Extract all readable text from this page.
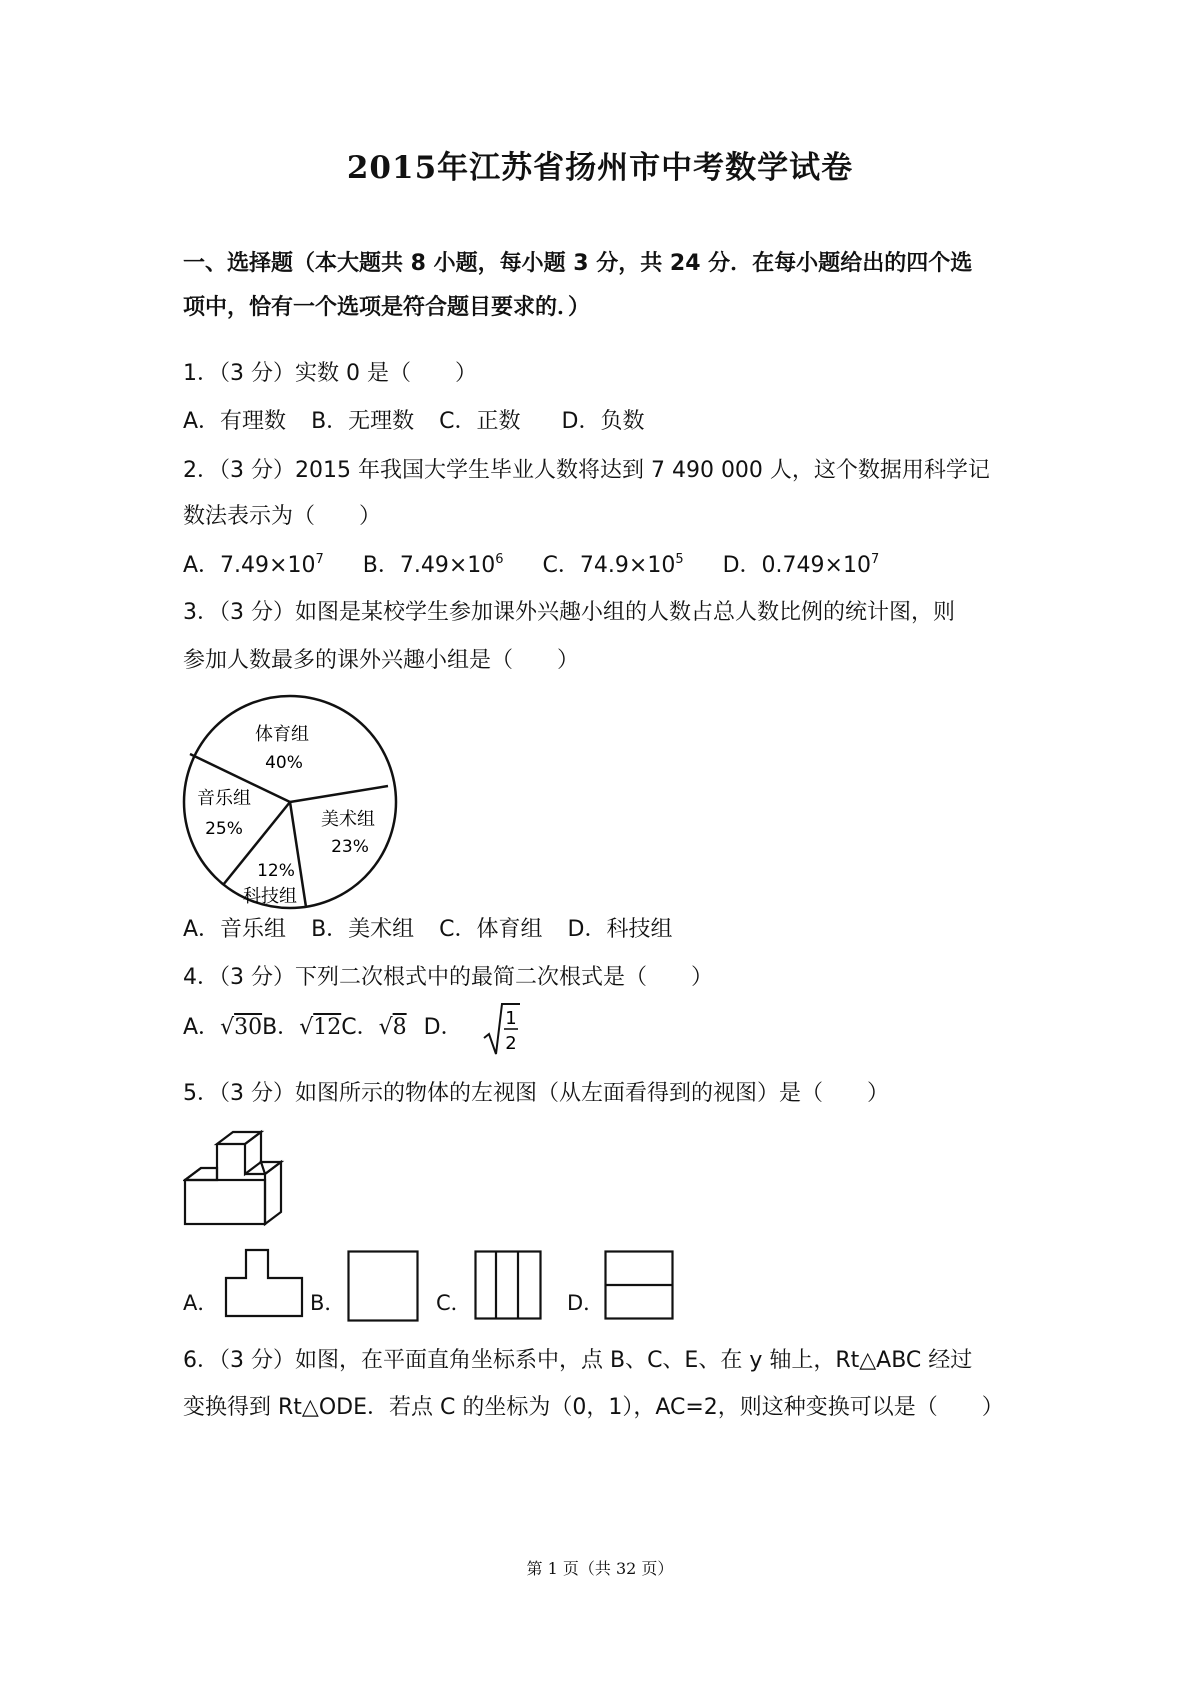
2015年江苏省扬州市中考数学试卷
一、选择题（本大题共 8 小题，每小题 3 分，共 24 分．在每小题给出的四个选
项中，恰有一个选项是符合题目要求的．）
1．（3 分）实数 0 是（　　）
A．有理数 B．无理数 C．正数 D．负数
2．（3 分）2015 年我国大学生毕业人数将达到 7 490 000 人，这个数据用科学记
数法表示为（　　）
A．$7.49\times 10^7$ B．$7.49\times 10^6$ C．$74.9\times 10^5$ D．$0.749\times 10^7$
3．（3 分）如图是某校学生参加课外兴趣小组的人数占总人数比例的统计图，则
参加人数最多的课外兴趣小组是（　　）
体育组
40%
美术组
23%
12%
科技组
音乐组
25%
A．音乐组 B．美术组 C．体育组 D．科技组
4．（3 分）下列二次根式中的最简二次根式是（　　）
A．√30B．√12C．√8 D．	1
2
5．（3 分）如图所示的物体的左视图（从左面看得到的视图）是（　　）
A．	B．	C．	D．
6．（3 分）如图，在平面直角坐标系中，点 B、C、E、在 y 轴上，Rt△ABC 经过
变换得到 Rt△ODE．若点 C 的坐标为（0，1），AC=2，则这种变换可以是（　　）
第 1 页（共 32 页）
